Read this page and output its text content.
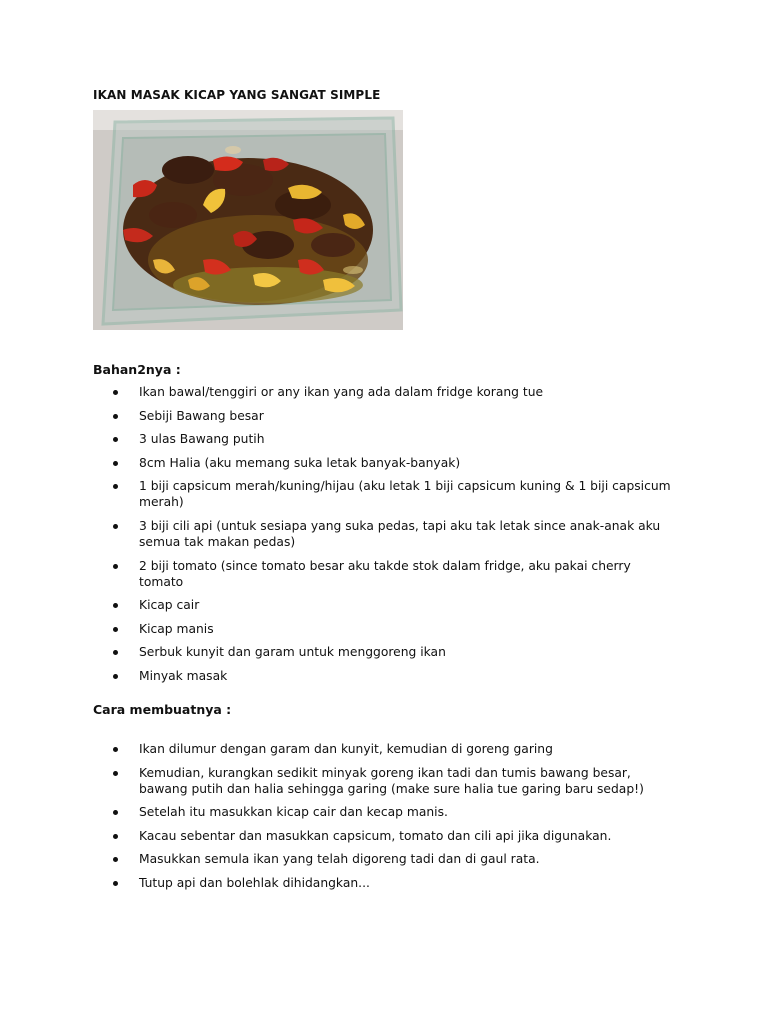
IKAN MASAK KICAP YANG SANGAT SIMPLE
Bahan2nya :
Ikan bawal/tenggiri or any ikan yang ada dalam fridge korang tue
Sebiji Bawang besar
3 ulas Bawang putih
8cm Halia (aku memang suka letak banyak-banyak)
1 biji capsicum merah/kuning/hijau (aku letak 1 biji capsicum kuning & 1 biji capsicum merah)
3 biji cili api (untuk sesiapa yang suka pedas, tapi aku tak letak since anak-anak aku semua tak makan pedas)
2 biji tomato (since tomato besar aku takde stok dalam fridge, aku pakai cherry tomato
Kicap cair
Kicap manis
Serbuk kunyit dan garam untuk menggoreng ikan
Minyak masak
Cara membuatnya :
Ikan dilumur dengan garam dan kunyit, kemudian di goreng garing
Kemudian, kurangkan sedikit minyak goreng ikan tadi dan tumis bawang besar, bawang putih dan halia sehingga garing (make sure halia tue garing baru sedap!)
Setelah itu masukkan kicap cair dan kecap manis.
Kacau sebentar dan masukkan capsicum, tomato dan cili api jika digunakan.
Masukkan semula ikan yang telah digoreng tadi dan di gaul rata.
Tutup api dan bolehlak dihidangkan...
